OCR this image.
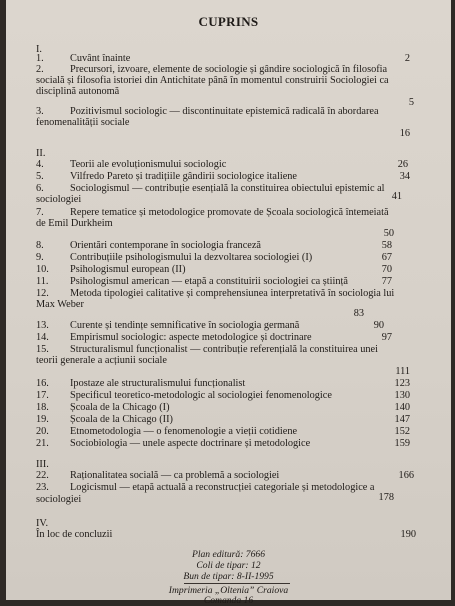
CUPRINS
I.
1.	Cuvânt înainte	2
2.	Precursori, izvoare, elemente de sociologie și gândire sociologică în filosofia
socială și filosofia istoriei din Antichitate până în momentul construirii Sociologiei ca
disciplină autonomă
5
3.	Pozitivismul sociologic — discontinuitate epistemică radicală în abordarea
fenomenalității sociale
16
II.
4.	Teorii ale evoluționismului sociologic	26
5.	Vilfredo Pareto și tradițiile gândirii sociologice italiene	34
6.	Sociologismul — contribuție esențială la constituirea obiectului epistemic al
sociologiei	41
7.	Repere tematice și metodologice promovate de Școala sociologică întemeiată
de Emil Durkheim
50
8.	Orientări contemporane în sociologia franceză	58
9.	Contribuțiile psihologismului la dezvoltarea sociologiei (I)	67
10.	Psihologismul european (II)	70
11.	Psihologismul american — etapă a constituirii sociologiei ca știință	77
12.	Metoda tipologiei calitative și comprehensiunea interpretativă în sociologia lui
Max Weber
83
13.	Curente și tendințe semnificative în sociologia germană	90
14.	Empirismul sociologic: aspecte metodologice și doctrinare	97
15.	Structuralismul funcționalist — contribuție referențială la constituirea unei
teorii generale a acțiunii sociale
111
16.	Ipostaze ale structuralismului funcționalist	123
17.	Specificul teoretico-metodologic al sociologiei fenomenologice	130
18.	Școala de la Chicago (I)	140
19.	Școala de la Chicago (II)	147
20.	Etnometodologia — o fenomenologie a vieții cotidiene	152
21.	Sociobiologia — unele aspecte doctrinare și metodologice	159
III.
22.	Raționalitatea socială — ca problemă a sociologiei	166
23.	Logicismul — etapă actuală a reconstrucției categoriale și metodologice a
sociologiei	178
IV.
În loc de concluzii	190
Plan editură: 7666
Coli de tipar: 12
Bun de tipar: 8-II-1995
Imprimeria „Oltenia” Craiova
Comanda 16
